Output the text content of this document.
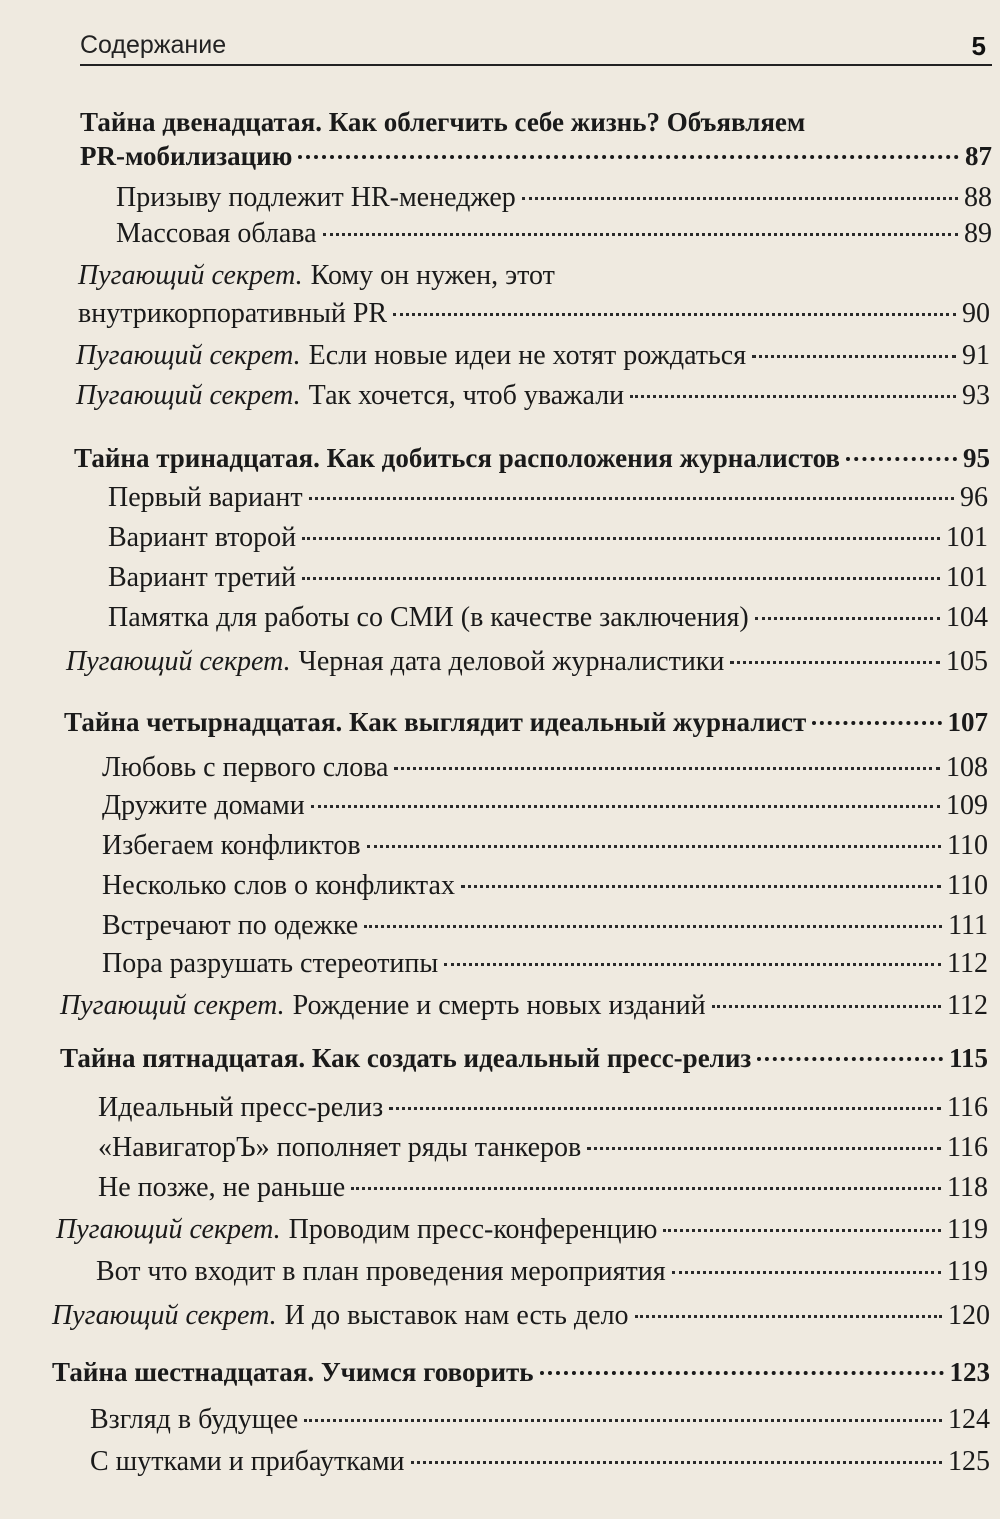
Содержание	5
Тайна двенадцатая. Как облегчить себе жизнь? Объявляем
PR-мобилизацию	87
Призыву подлежит HR-менеджер	88
Массовая облава	89
Пугающий секрет. Кому он нужен, этот
внутрикорпоративный PR	90
Пугающий секрет. Если новые идеи не хотят рождаться	91
Пугающий секрет. Так хочется, чтоб уважали	93
Тайна тринадцатая. Как добиться расположения журналистов	95
Первый вариант	96
Вариант второй	101
Вариант третий	101
Памятка для работы со СМИ (в качестве заключения)	104
Пугающий секрет. Черная дата деловой журналистики	105
Тайна четырнадцатая. Как выглядит идеальный журналист	107
Любовь с первого слова	108
Дружите домами	109
Избегаем конфликтов	110
Несколько слов о конфликтах	110
Встречают по одежке	111
Пора разрушать стереотипы	112
Пугающий секрет. Рождение и смерть новых изданий	112
Тайна пятнадцатая. Как создать идеальный пресс-релиз	115
Идеальный пресс-релиз	116
«НавигаторЪ» пополняет ряды танкеров	116
Не позже, не раньше	118
Пугающий секрет. Проводим пресс-конференцию	119
Вот что входит в план проведения мероприятия	119
Пугающий секрет. И до выставок нам есть дело	120
Тайна шестнадцатая. Учимся говорить	123
Взгляд в будущее	124
С шутками и прибаутками	125
